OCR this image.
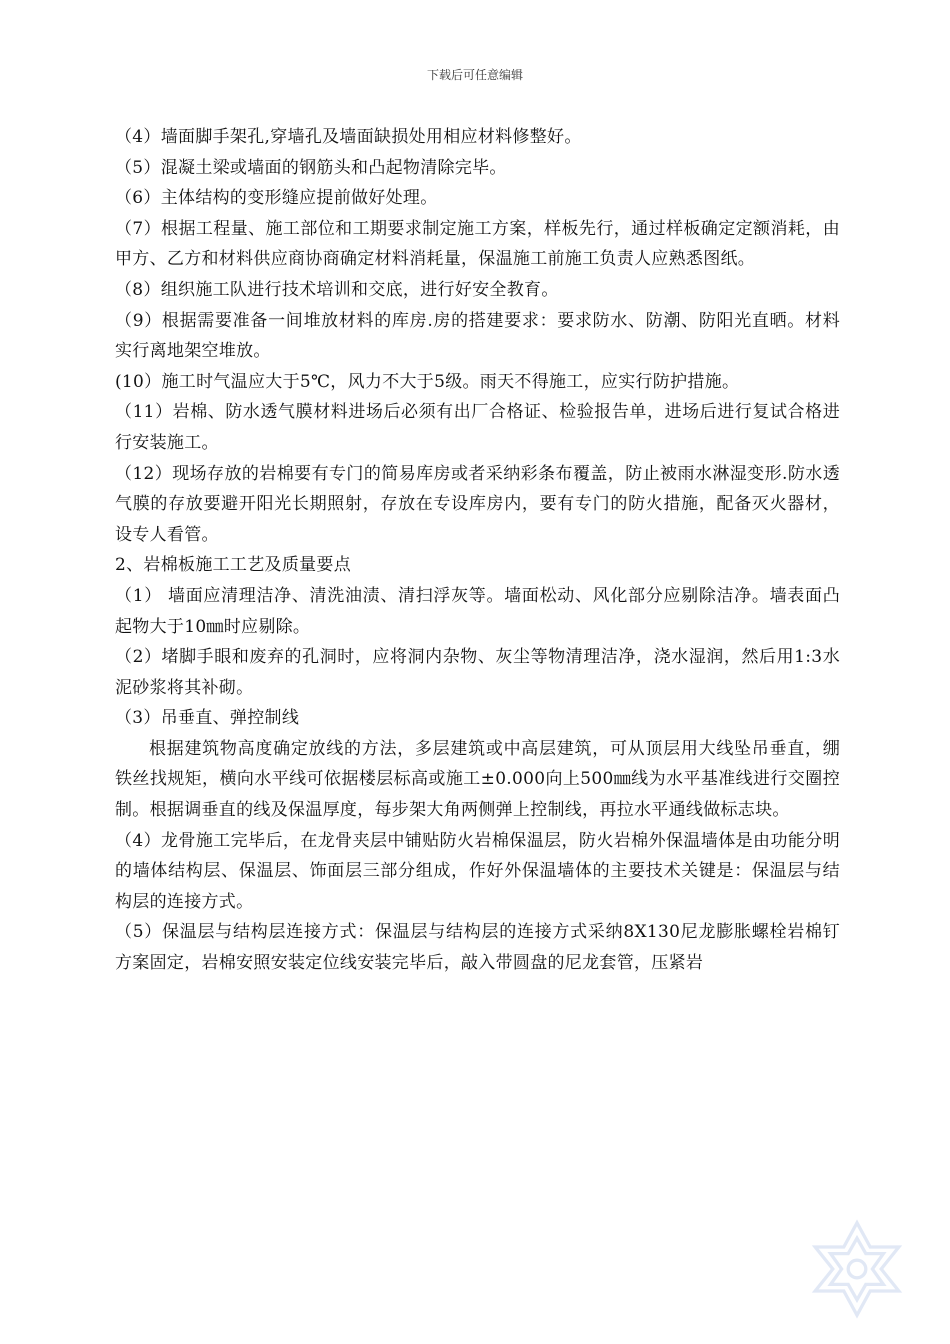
下载后可任意编辑

（4）墙面脚手架孔,穿墙孔及墙面缺损处用相应材料修整好。

（5）混凝土梁或墙面的钢筋头和凸起物清除完毕。

（6）主体结构的变形缝应提前做好处理。

（7）根据工程量、施工部位和工期要求制定施工方案，样板先行，通过样板确定定额消耗，由甲方、乙方和材料供应商协商确定材料消耗量，保温施工前施工负责人应熟悉图纸。

（8）组织施工队进行技术培训和交底，进行好安全教育。

（9）根据需要准备一间堆放材料的库房.房的搭建要求：要求防水、防潮、防阳光直晒。材料实行离地架空堆放。

(10）施工时气温应大于5℃，风力不大于5级。雨天不得施工，应实行防护措施。

（11）岩棉、防水透气膜材料进场后必须有出厂合格证、检验报告单，进场后进行复试合格进行安装施工。

（12）现场存放的岩棉要有专门的简易库房或者采纳彩条布覆盖，防止被雨水淋湿变形.防水透气膜的存放要避开阳光长期照射，存放在专设库房内，要有专门的防火措施，配备灭火器材，设专人看管。

2、岩棉板施工工艺及质量要点

（1） 墙面应清理洁净、清洗油渍、清扫浮灰等。墙面松动、风化部分应剔除洁净。墙表面凸起物大于10㎜时应剔除。

（2）堵脚手眼和废弃的孔洞时，应将洞内杂物、灰尘等物清理洁净，浇水湿润，然后用1:3水泥砂浆将其补砌。

（3）吊垂直、弹控制线

根据建筑物高度确定放线的方法，多层建筑或中高层建筑，可从顶层用大线坠吊垂直，绷铁丝找规矩，横向水平线可依据楼层标高或施工±0.000向上500㎜线为水平基准线进行交圈控制。根据调垂直的线及保温厚度，每步架大角两侧弹上控制线，再拉水平通线做标志块。

（4）龙骨施工完毕后，在龙骨夹层中铺贴防火岩棉保温层，防火岩棉外保温墙体是由功能分明的墙体结构层、保温层、饰面层三部分组成，作好外保温墙体的主要技术关键是：保温层与结构层的连接方式。

（5）保温层与结构层连接方式：保温层与结构层的连接方式采纳8X130尼龙膨胀螺栓岩棉钉方案固定，岩棉安照安装定位线安装完毕后，敲入带圆盘的尼龙套管，压紧岩
